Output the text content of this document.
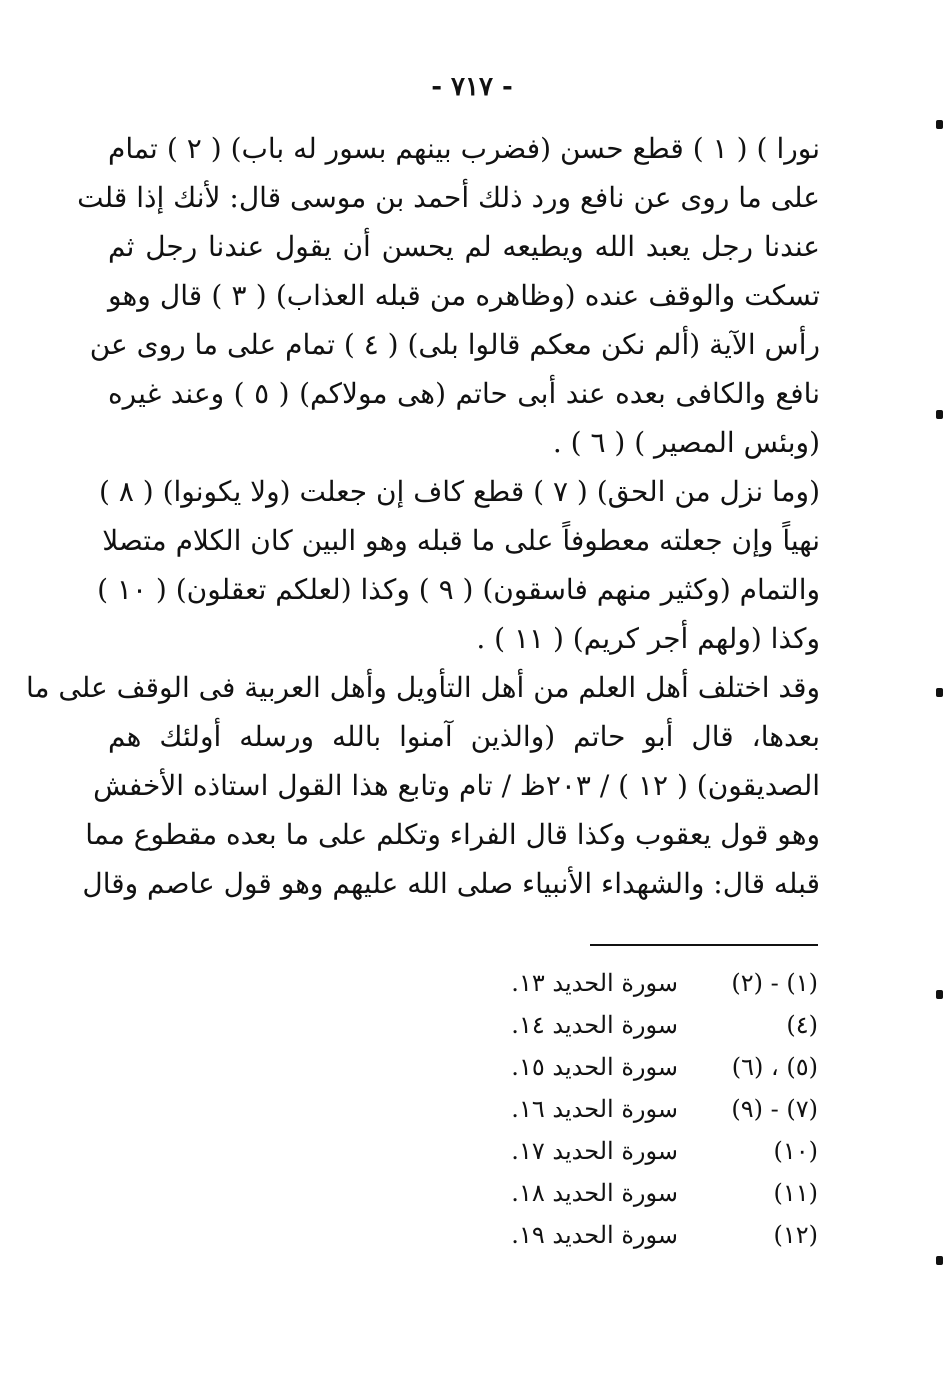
- ٧١٧ -
نورا ) ( ١ ) قطع حسن (فضرب بينهم بسور له باب) ( ٢ ) تمام
على ما روى عن نافع ورد ذلك أحمد بن موسى قال: لأنك إذا قلت
عندنا رجل يعبد الله ويطيعه لم يحسن أن يقول عندنا رجل ثم
تسكت والوقف عنده (وظاهره من قبله العذاب) ( ٣ ) قال وهو
رأس الآية (ألم نكن معكم قالوا بلى) ( ٤ ) تمام على ما روى عن
نافع والكافى بعده عند أبى حاتم (هى مولاكم) ( ٥ ) وعند غيره
(وبئس المصير ) ( ٦ ) .
(وما نزل من الحق) ( ٧ ) قطع كاف إن جعلت (ولا يكونوا) ( ٨ )
نهياً وإن جعلته معطوفاً على ما قبله وهو البين كان الكلام متصلا
والتمام (وكثير منهم فاسقون) ( ٩ ) وكذا (لعلكم تعقلون) ( ١٠ )
وكذا (ولهم أجر كريم) ( ١١ ) .
وقد اختلف أهل العلم من أهل التأويل وأهل العربية فى الوقف على ما
بعدها، قال أبو حاتم (والذين آمنوا بالله ورسله أولئك هم
الصديقون) ( ١٢ ) / ٢٠٣ظ / تام وتابع هذا القول استاذه الأخفش
وهو قول يعقوب وكذا قال الفراء وتكلم على ما بعده مقطوع مما
قبله قال: والشهداء الأنبياء صلى الله عليهم وهو قول عاصم وقال
(١) - (٢)
سورة الحديد ١٣.
(٤)
سورة الحديد ١٤.
(٥) ، (٦)
سورة الحديد ١٥.
(٧) - (٩)
سورة الحديد ١٦.
(١٠)
سورة الحديد ١٧.
(١١)
سورة الحديد ١٨.
(١٢)
سورة الحديد ١٩.
